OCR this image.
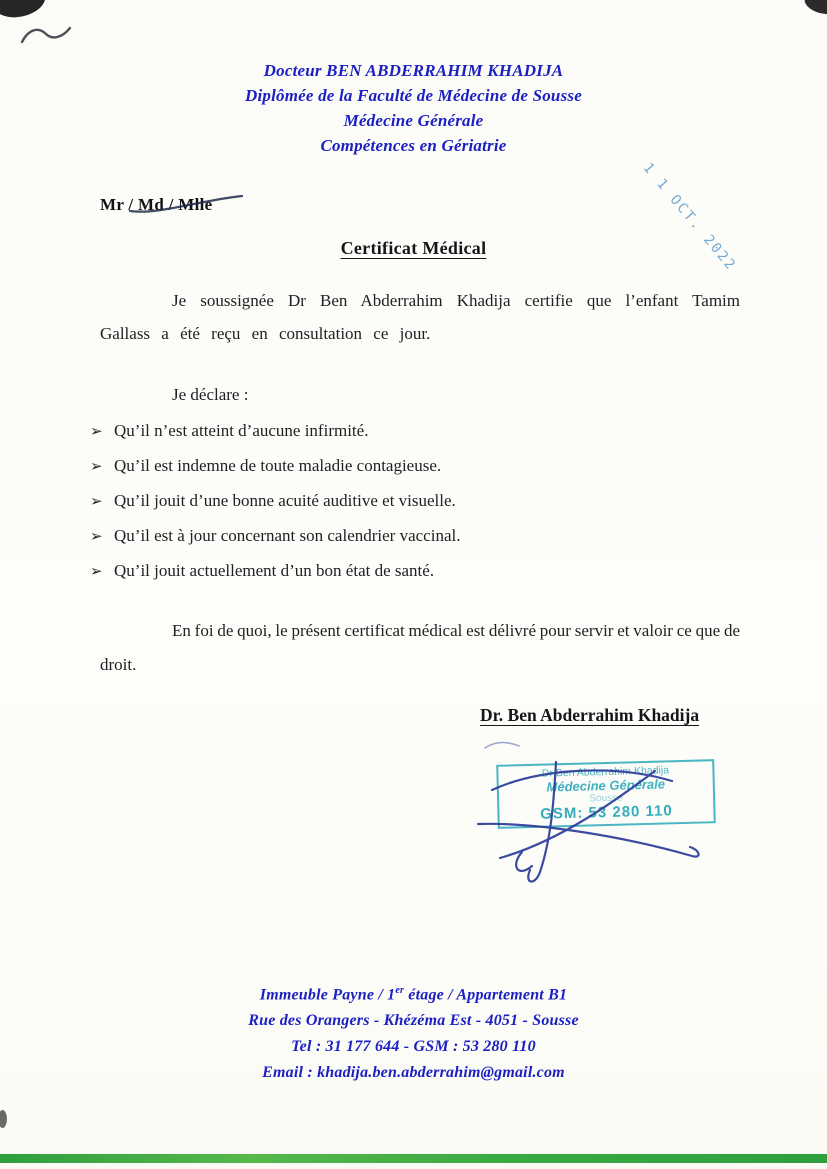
Docteur BEN ABDERRAHIM KHADIJA
Diplômée de la Faculté de Médecine de Sousse
Médecine Générale
Compétences en Gériatrie
1 1 OCT. 2022
Mr / Md / Mlle
Certificat Médical

Je soussignée Dr Ben Abderrahim Khadija certifie que l’enfant Tamim Gallass a été reçu en consultation ce jour.

Je déclare :

➢ Qu’il n’est atteint d’aucune infirmité.
➢ Qu’il est indemne de toute maladie contagieuse.
➢ Qu’il jouit d’une bonne acuité auditive et visuelle.
➢ Qu’il est à jour concernant son calendrier vaccinal.
➢ Qu’il jouit actuellement d’un bon état de santé.

En foi de quoi, le présent certificat médical est délivré pour servir et valoir ce que de droit.

Dr. Ben Abderrahim Khadija
Dr Ben Abderrahim Khadija
Médecine Générale
Sousse
GSM: 53 280 110
Immeuble Payne / 1er étage / Appartement B1
Rue des Orangers - Khézéma Est - 4051 - Sousse
Tel : 31 177 644 - GSM : 53 280 110
Email : khadija.ben.abderrahim@gmail.com
